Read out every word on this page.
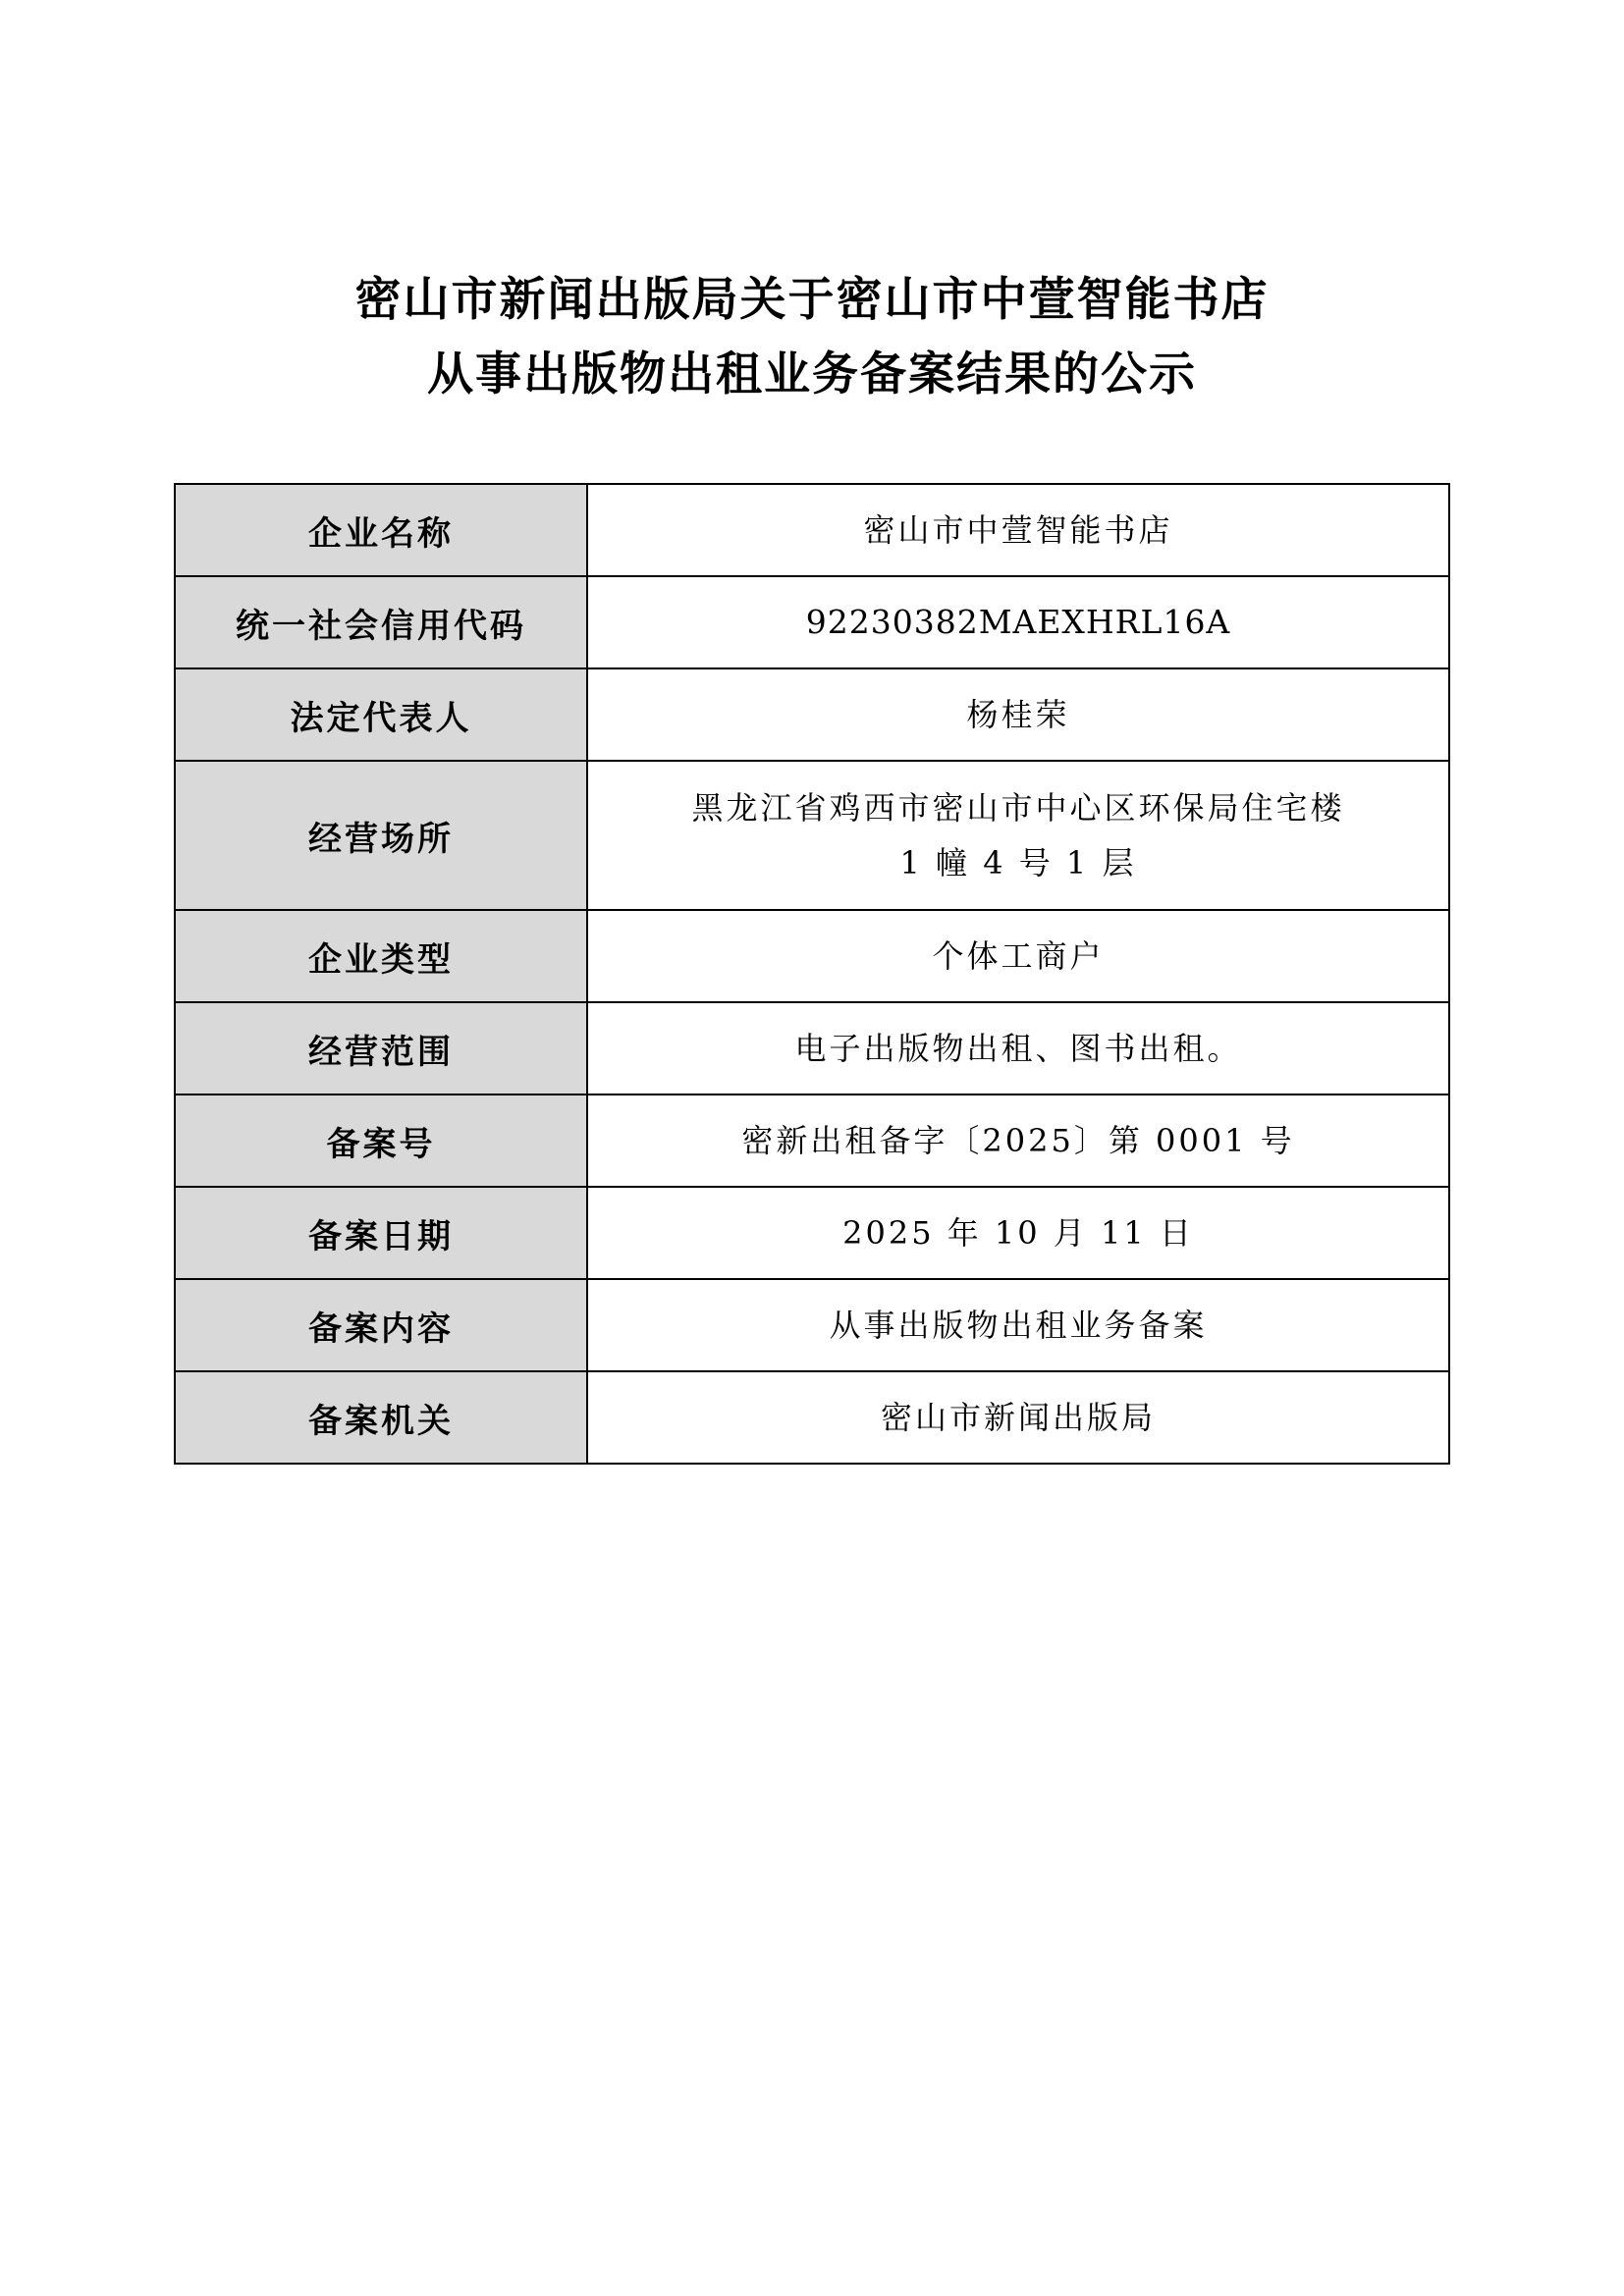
密山市新闻出版局关于密山市中萱智能书店
从事出版物出租业务备案结果的公示
企业名称	密山市中萱智能书店

统一社会信用代码	92230382MAEXHRL16A

法定代表人	杨桂荣

经营场所	黑龙江省鸡西市密山市中心区环保局住宅楼
1 幢 4 号 1 层

企业类型	个体工商户

经营范围	电子出版物出租、图书出租。

备案号	密新出租备字〔2025〕第 0001 号

备案日期	2025 年 10 月 11 日

备案内容	从事出版物出租业务备案

备案机关	密山市新闻出版局
